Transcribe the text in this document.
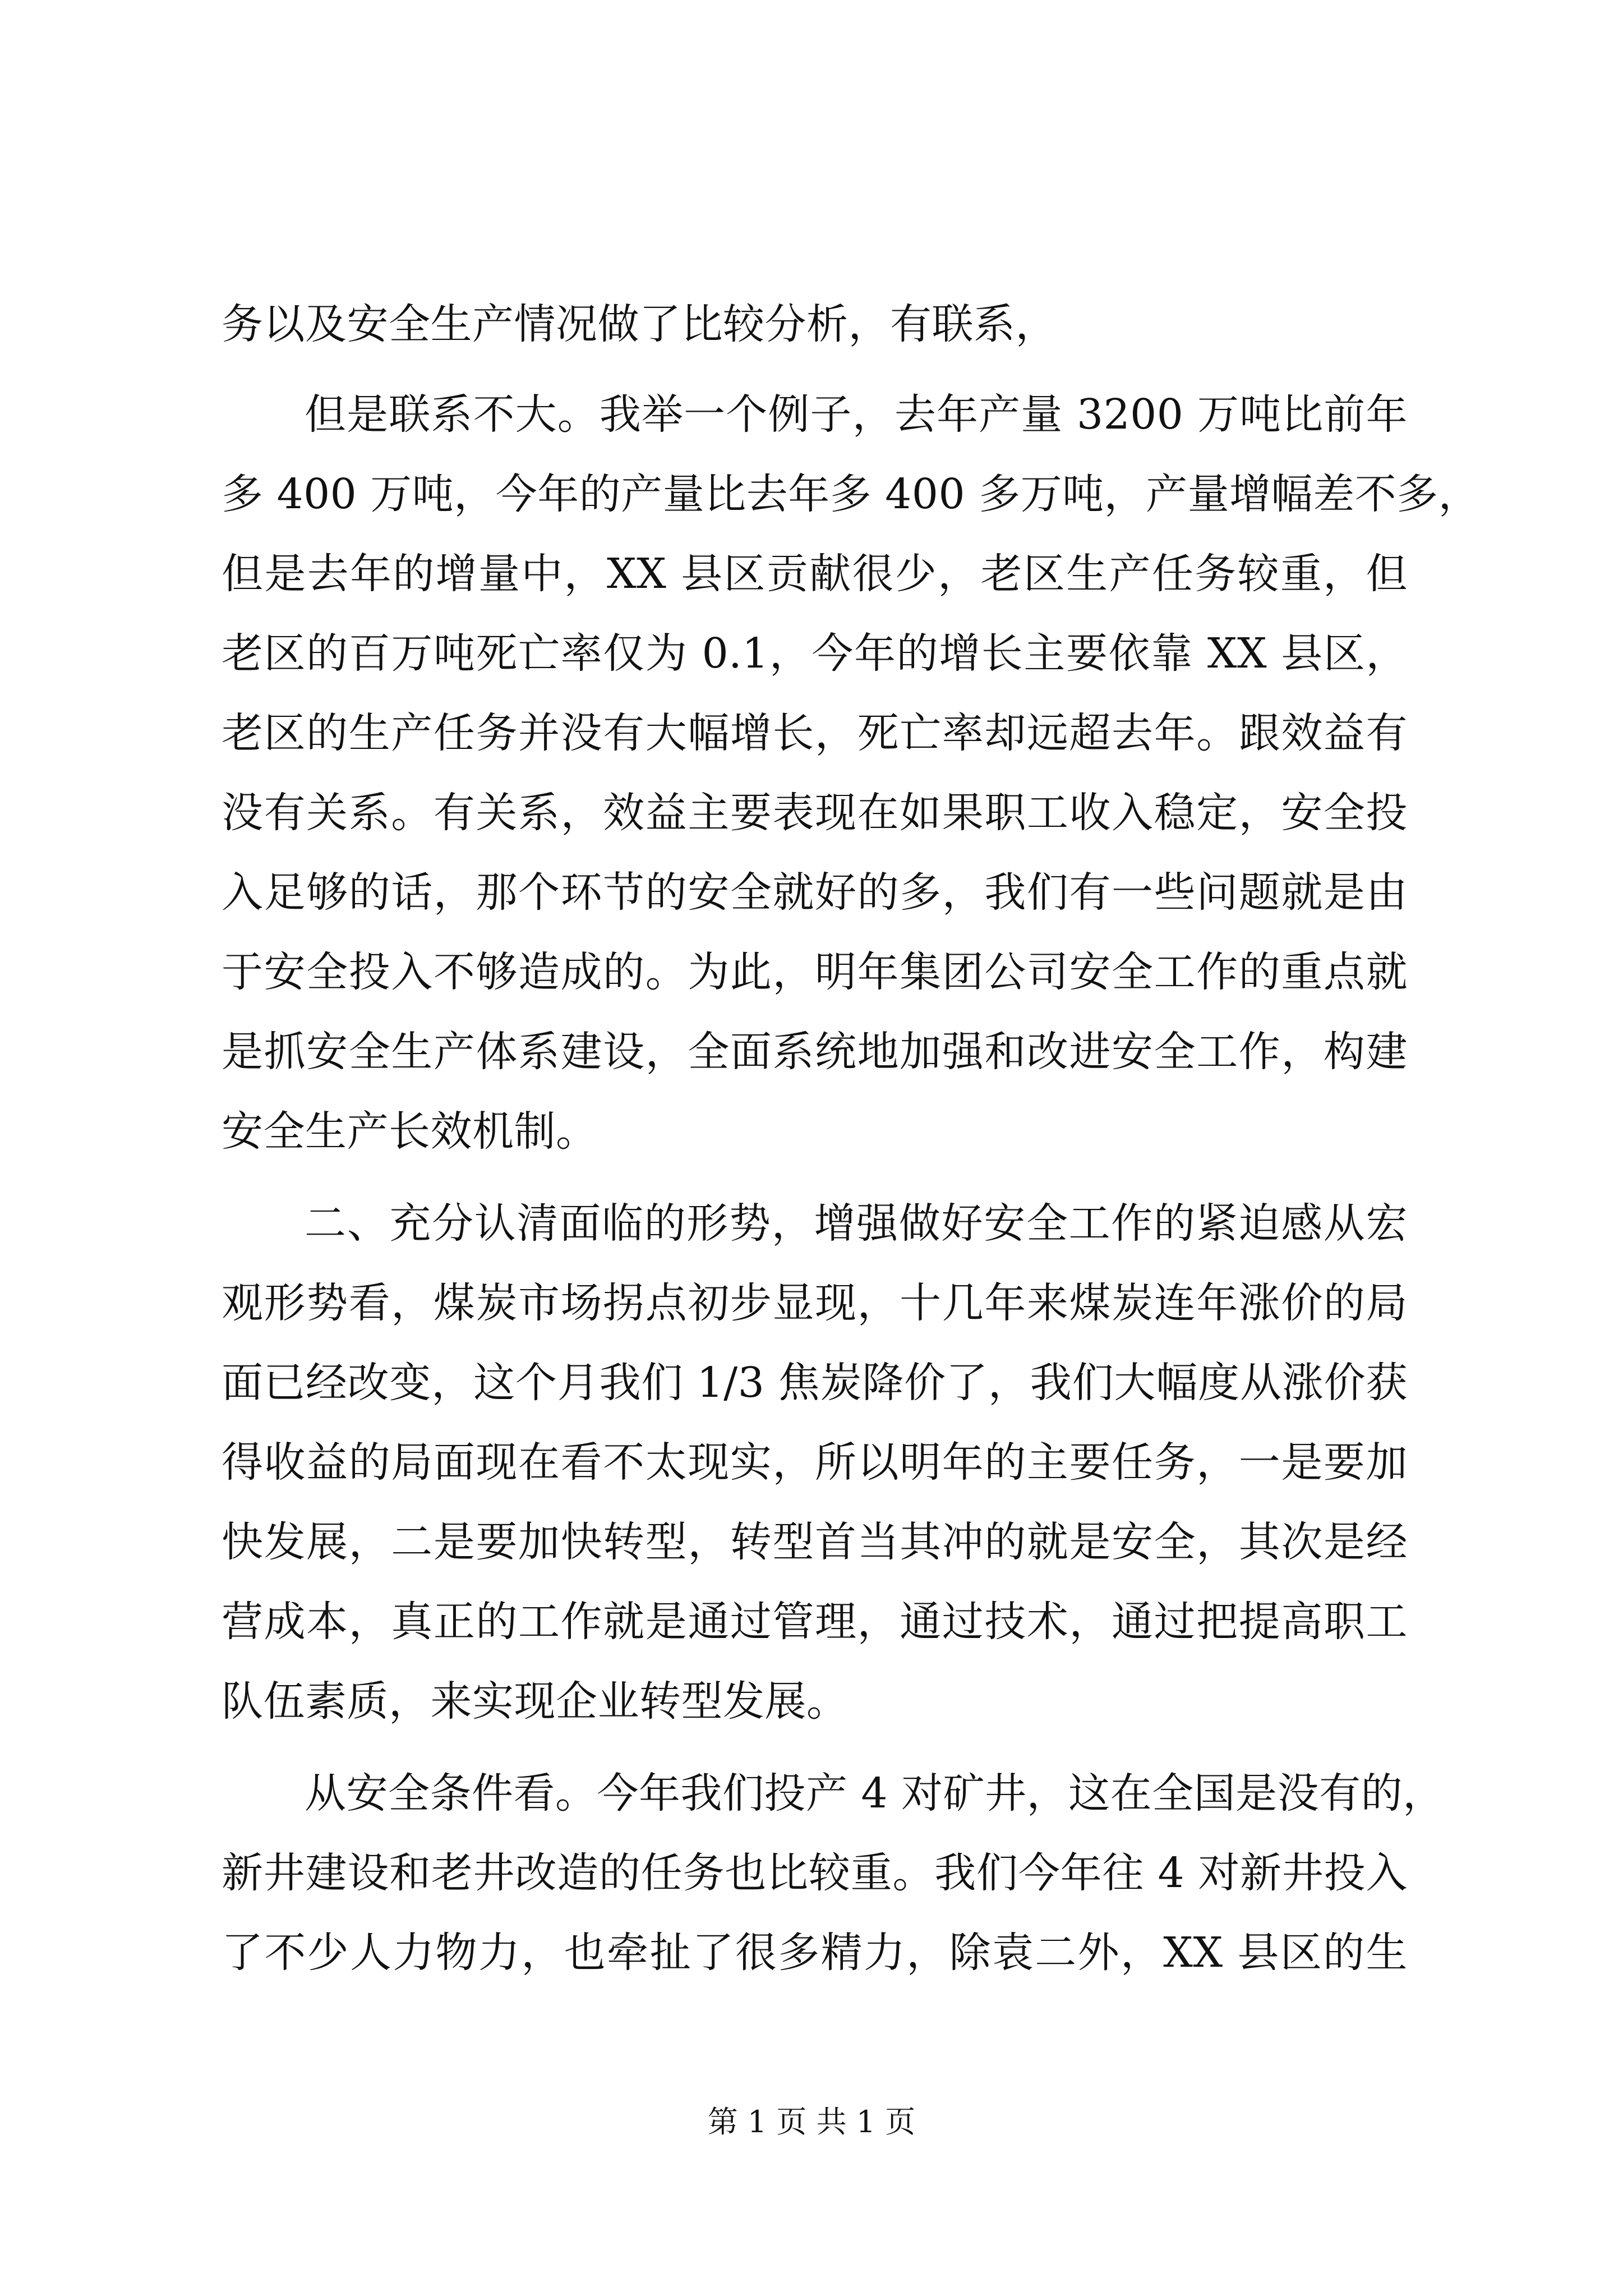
务以及安全生产情况做了比较分析，有联系，
但是联系不大。我举一个例子，去年产量 3200 万吨比前年
多 400 万吨，今年的产量比去年多 400 多万吨，产量增幅差不多，
但是去年的增量中，XX 县区贡献很少，老区生产任务较重，但
老区的百万吨死亡率仅为 0.1，今年的增长主要依靠 XX 县区，
老区的生产任务并没有大幅增长，死亡率却远超去年。跟效益有
没有关系。有关系，效益主要表现在如果职工收入稳定，安全投
入足够的话，那个环节的安全就好的多，我们有一些问题就是由
于安全投入不够造成的。为此，明年集团公司安全工作的重点就
是抓安全生产体系建设，全面系统地加强和改进安全工作，构建
安全生产长效机制。
二、充分认清面临的形势，增强做好安全工作的紧迫感从宏
观形势看，煤炭市场拐点初步显现，十几年来煤炭连年涨价的局
面已经改变，这个月我们 1/3 焦炭降价了，我们大幅度从涨价获
得收益的局面现在看不太现实，所以明年的主要任务，一是要加
快发展，二是要加快转型，转型首当其冲的就是安全，其次是经
营成本，真正的工作就是通过管理，通过技术，通过把提高职工
队伍素质，来实现企业转型发展。
从安全条件看。今年我们投产 4 对矿井，这在全国是没有的，
新井建设和老井改造的任务也比较重。我们今年往 4 对新井投入
了不少人力物力，也牵扯了很多精力，除袁二外，XX 县区的生
第 1 页 共 1 页
